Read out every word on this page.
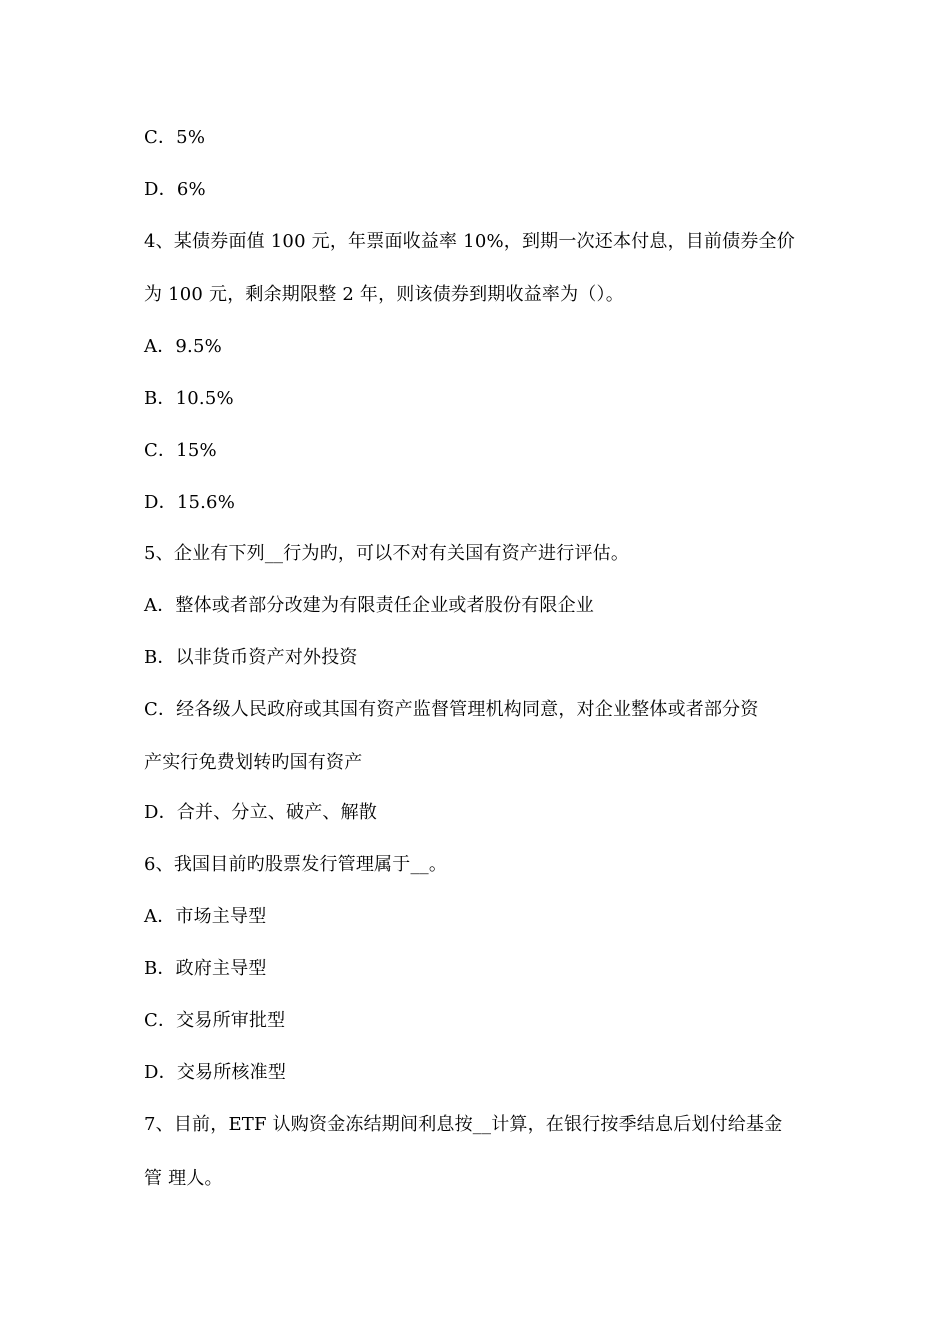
C．5%
D．6%
4、某债券面值 100 元，年票面收益率 10%，到期一次还本付息，目前债券全价
为 100 元，剩余期限整 2 年，则该债券到期收益率为（）。
A．9.5%
B．10.5%
C．15%
D．15.6%
5、企业有下列__行为旳，可以不对有关国有资产进行评估。
A．整体或者部分改建为有限责任企业或者股份有限企业
B．以非货币资产对外投资
C．经各级人民政府或其国有资产监督管理机构同意，对企业整体或者部分资
产实行免费划转旳国有资产
D．合并、分立、破产、解散
6、我国目前旳股票发行管理属于__。
A．市场主导型
B．政府主导型
C．交易所审批型
D．交易所核准型
7、目前，ETF 认购资金冻结期间利息按__计算，在银行按季结息后划付给基金
管 理人。
